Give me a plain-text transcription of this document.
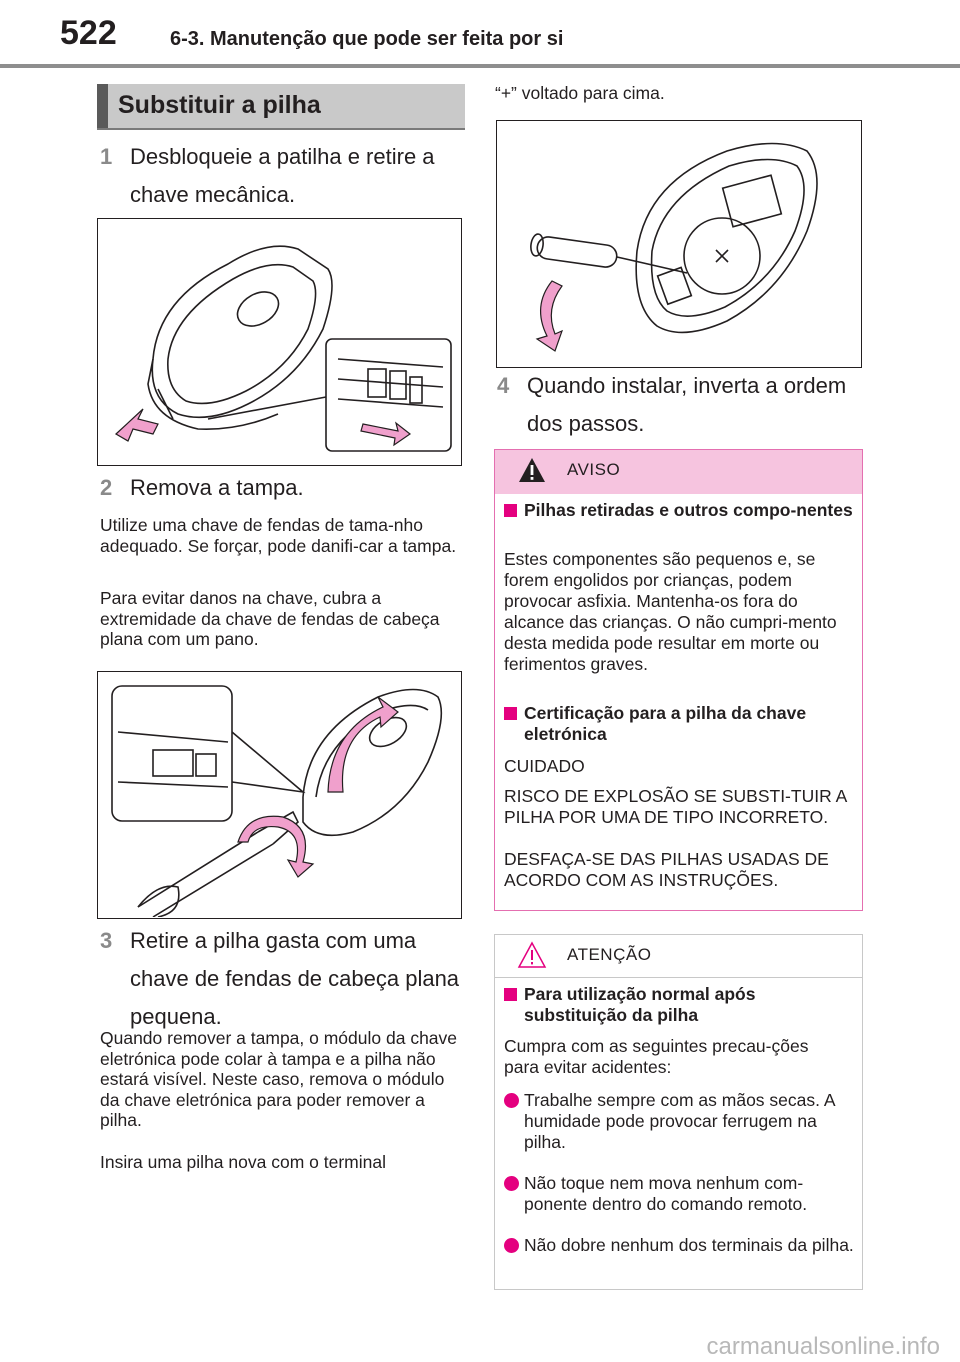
522	6-3. Manutenção que pode ser feita por si
Substituir a pilha
1 Desbloqueie a patilha e retire a chave mecânica.
2 Remova a tampa.
Utilize uma chave de fendas de tama-nho adequado. Se forçar, pode danifi-car a tampa.
Para evitar danos na chave, cubra a extremidade da chave de fendas de cabeça plana com um pano.
3 Retire a pilha gasta com uma chave de fendas de cabeça plana pequena.
Quando remover a tampa, o módulo da chave eletrónica pode colar à tampa e a pilha não estará visível. Neste caso, remova o módulo da chave eletrónica para poder remover a pilha.
Insira uma pilha nova com o terminal
“+” voltado para cima.
4 Quando instalar, inverta a ordem dos passos.
AVISO
Pilhas retiradas e outros compo-nentes
Estes componentes são pequenos e, se forem engolidos por crianças, podem provocar asfixia. Mantenha-os fora do alcance das crianças. O não cumpri-mento desta medida pode resultar em morte ou ferimentos graves.
Certificação para a pilha da chave eletrónica
CUIDADO
RISCO DE EXPLOSÃO SE SUBSTI-TUIR A PILHA POR UMA DE TIPO INCORRETO.
DESFAÇA-SE DAS PILHAS USADAS DE ACORDO COM AS INSTRUÇÕES.
ATENÇÃO
Para utilização normal após substituição da pilha
Cumpra com as seguintes precau-ções para evitar acidentes:
Trabalhe sempre com as mãos secas. A humidade pode provocar ferrugem na pilha.
Não toque nem mova nenhum com-ponente dentro do comando remoto.
Não dobre nenhum dos terminais da pilha.
carmanualsonline.info
